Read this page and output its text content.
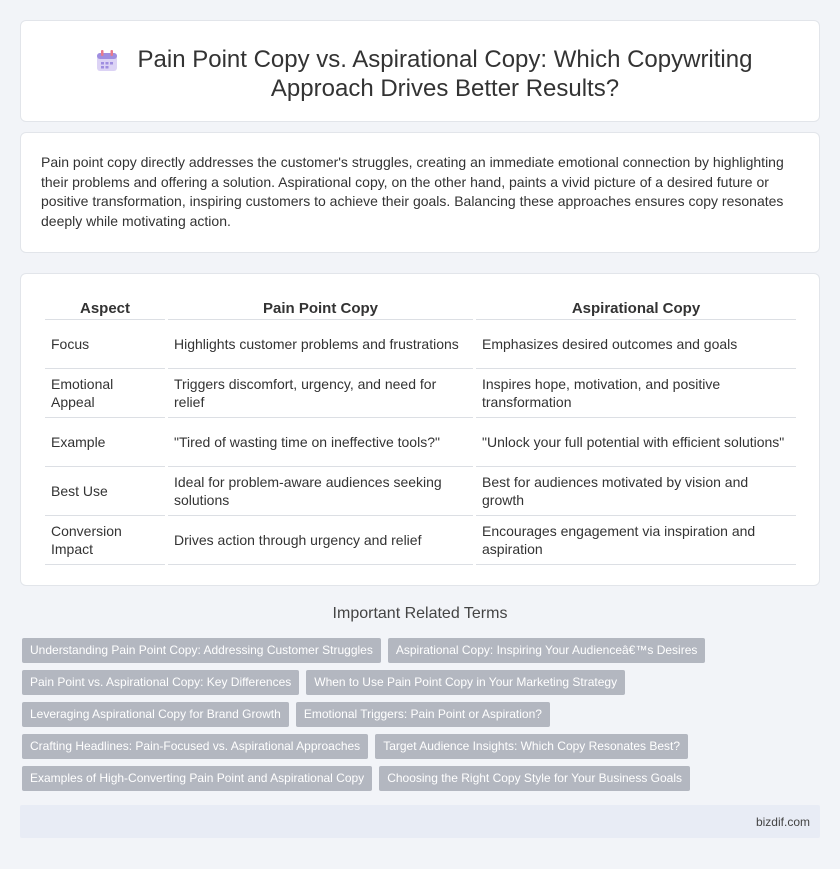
Pain Point Copy vs. Aspirational Copy: Which Copywriting Approach Drives Better Results?

Pain point copy directly addresses the customer's struggles, creating an immediate emotional connection by highlighting their problems and offering a solution. Aspirational copy, on the other hand, paints a vivid picture of a desired future or positive transformation, inspiring customers to achieve their goals. Balancing these approaches ensures copy resonates deeply while motivating action.

Aspect	Pain Point Copy	Aspirational Copy
Focus	Highlights customer problems and frustrations	Emphasizes desired outcomes and goals
Emotional Appeal	Triggers discomfort, urgency, and need for relief	Inspires hope, motivation, and positive transformation
Example	"Tired of wasting time on ineffective tools?"	"Unlock your full potential with efficient solutions"
Best Use	Ideal for problem-aware audiences seeking solutions	Best for audiences motivated by vision and growth
Conversion Impact	Drives action through urgency and relief	Encourages engagement via inspiration and aspiration
Important Related Terms
Understanding Pain Point Copy: Addressing Customer Struggles	Aspirational Copy: Inspiring Your Audienceâ€™s Desires
Pain Point vs. Aspirational Copy: Key Differences	When to Use Pain Point Copy in Your Marketing Strategy
Leveraging Aspirational Copy for Brand Growth	Emotional Triggers: Pain Point or Aspiration?
Crafting Headlines: Pain-Focused vs. Aspirational Approaches	Target Audience Insights: Which Copy Resonates Best?
Examples of High-Converting Pain Point and Aspirational Copy	Choosing the Right Copy Style for Your Business Goals
bizdif.com
